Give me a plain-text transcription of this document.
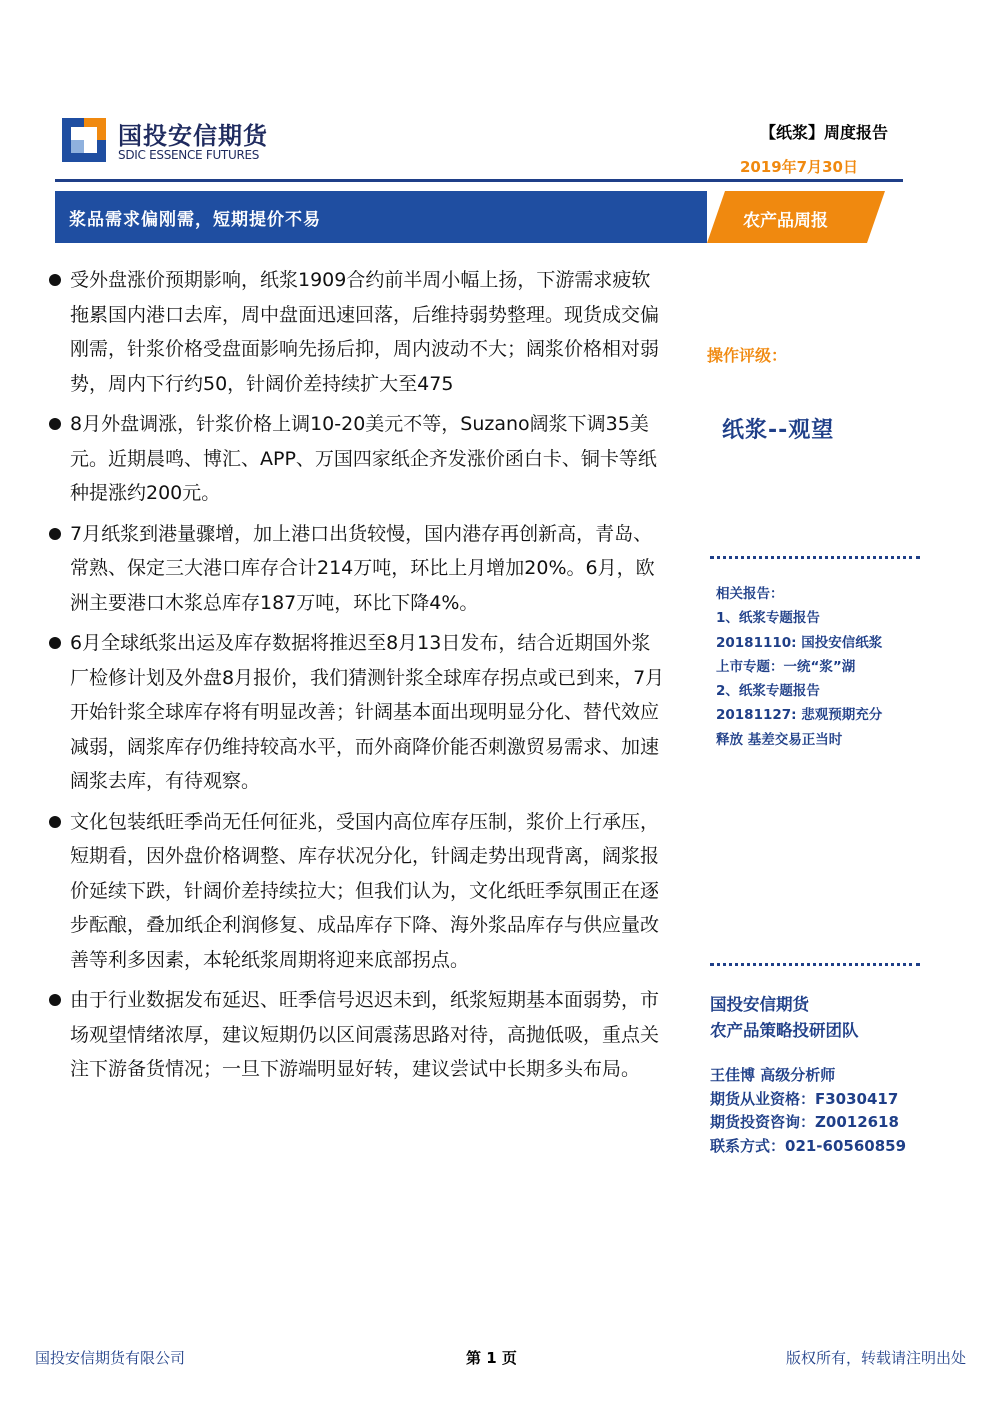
国投安信期货
SDIC ESSENCE FUTURES
【纸浆】周度报告
2019年7月30日
浆品需求偏刚需，短期提价不易	农产品周报
受外盘涨价预期影响，纸浆1909合约前半周小幅上扬，下游需求疲软拖累国内港口去库，周中盘面迅速回落，后维持弱势整理。现货成交偏刚需，针浆价格受盘面影响先扬后抑，周内波动不大；阔浆价格相对弱势，周内下行约50，针阔价差持续扩大至475
8月外盘调涨，针浆价格上调10-20美元不等，Suzano阔浆下调35美元。近期晨鸣、博汇、APP、万国四家纸企齐发涨价函白卡、铜卡等纸种提涨约200元。
7月纸浆到港量骤增，加上港口出货较慢，国内港存再创新高，青岛、常熟、保定三大港口库存合计214万吨，环比上月增加20%。6月，欧洲主要港口木浆总库存187万吨，环比下降4%。
6月全球纸浆出运及库存数据将推迟至8月13日发布，结合近期国外浆厂检修计划及外盘8月报价，我们猜测针浆全球库存拐点或已到来，7月开始针浆全球库存将有明显改善；针阔基本面出现明显分化、替代效应减弱，阔浆库存仍维持较高水平，而外商降价能否刺激贸易需求、加速阔浆去库，有待观察。
文化包装纸旺季尚无任何征兆，受国内高位库存压制，浆价上行承压，短期看，因外盘价格调整、库存状况分化，针阔走势出现背离，阔浆报价延续下跌，针阔价差持续拉大；但我们认为，文化纸旺季氛围正在逐步酝酿，叠加纸企利润修复、成品库存下降、海外浆品库存与供应量改善等利多因素，本轮纸浆周期将迎来底部拐点。
由于行业数据发布延迟、旺季信号迟迟未到，纸浆短期基本面弱势，市场观望情绪浓厚，建议短期仍以区间震荡思路对待，高抛低吸，重点关注下游备货情况；一旦下游端明显好转，建议尝试中长期多头布局。
操作评级：
纸浆--观望
相关报告：
1、纸浆专题报告
20181110: 国投安信纸浆
上市专题：一统“浆”湖
2、纸浆专题报告
20181127: 悲观预期充分
释放 基差交易正当时
国投安信期货
农产品策略投研团队
王佳博 高级分析师
期货从业资格：F3030417
期货投资咨询：Z0012618
联系方式：021-60560859
国投安信期货有限公司	第 1 页	版权所有，转载请注明出处
